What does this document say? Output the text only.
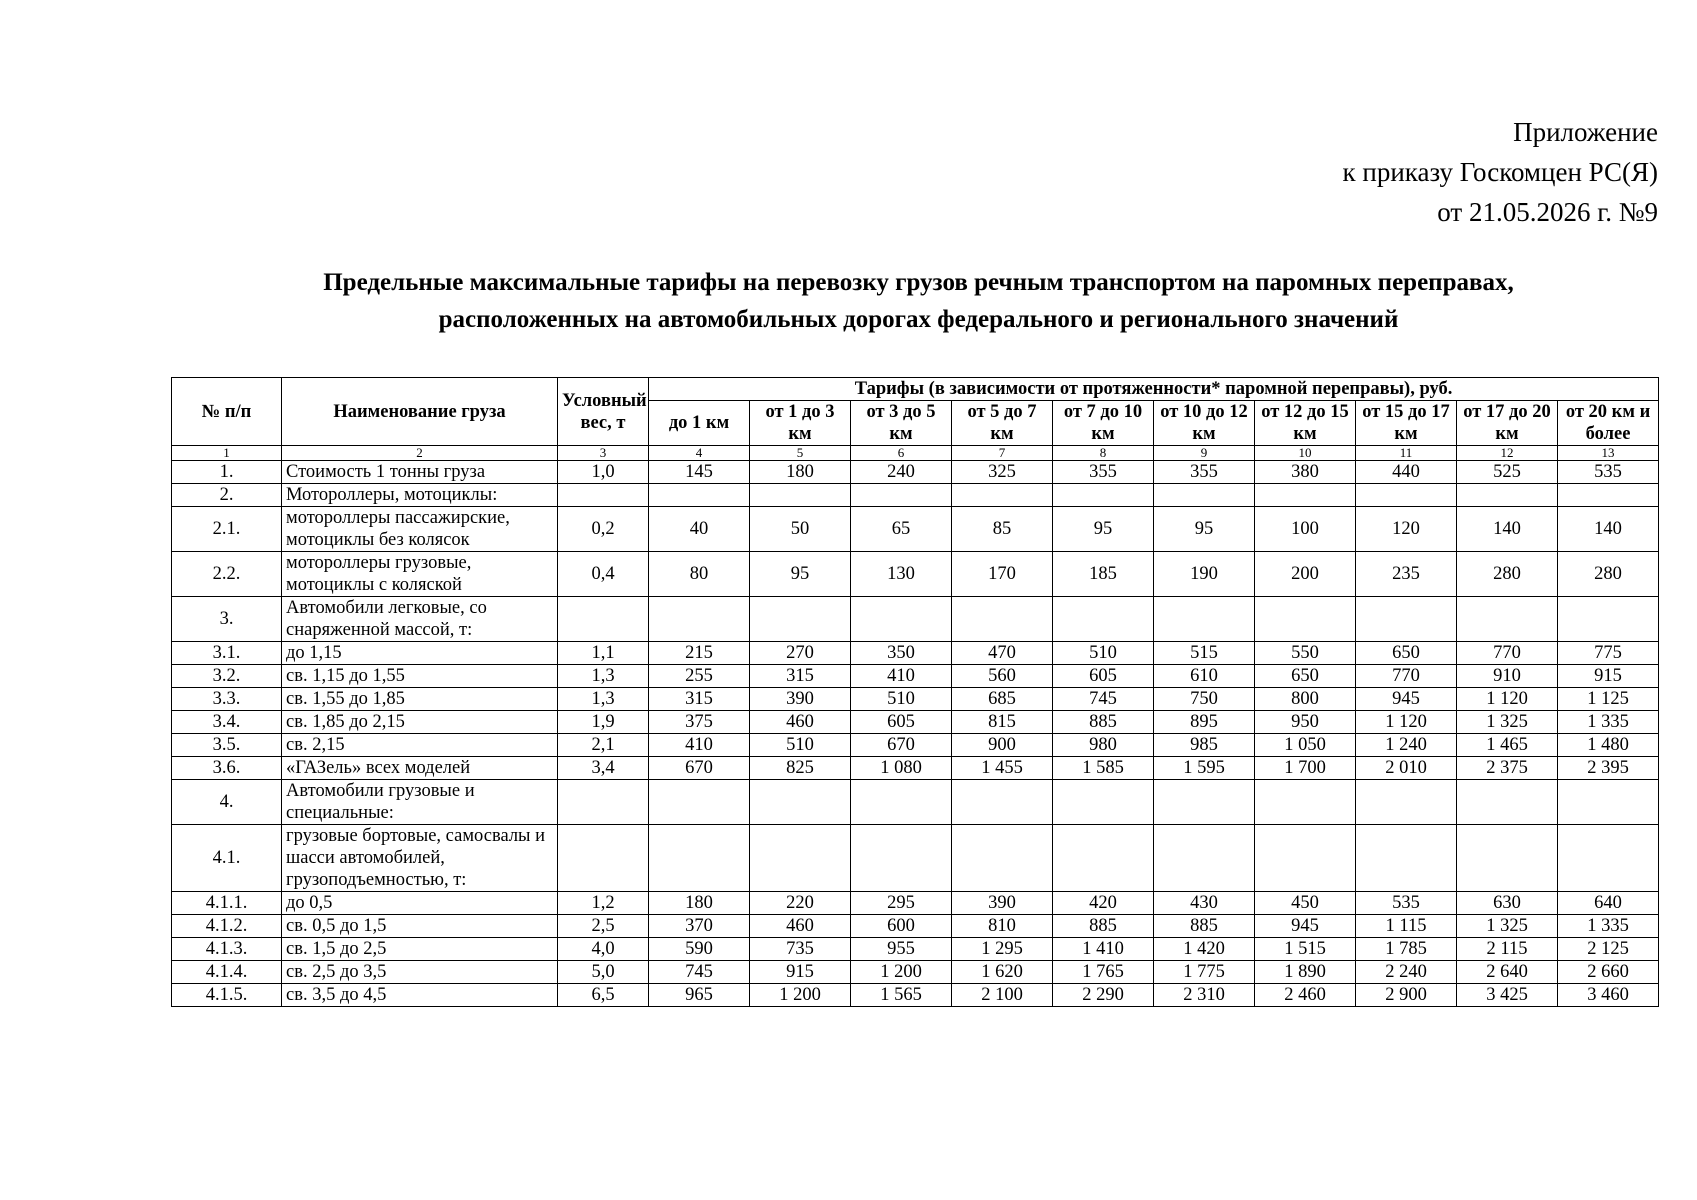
Приложение
к приказу Госкомцен РС(Я)
от 21.05.2026 г. №9
Предельные максимальные тарифы на перевозку грузов речным транспортом на паромных переправах,
расположенных на автомобильных дорогах федерального и регионального значений
№ п/п	Наименование груза	Условный вес, т	Тарифы (в зависимости от протяженности* паромной переправы), руб.									
			до 1 км	от 1 до 3 км	от 3 до 5 км	от 5 до 7 км	от 7 до 10 км	от 10 до 12 км	от 12 до 15 км	от 15 до 17 км	от 17 до 20 км	от 20 км и более
1	2	3	4	5	6	7	8	9	10	11	12	13
1.	Стоимость 1 тонны груза	1,0	145	180	240	325	355	355	380	440	525	535
2.	Мотороллеры, мотоциклы:											
2.1.	мотороллеры пассажирские, мотоциклы без колясок	0,2	40	50	65	85	95	95	100	120	140	140
2.2.	мотороллеры грузовые, мотоциклы с коляской	0,4	80	95	130	170	185	190	200	235	280	280
3.	Автомобили легковые, со снаряженной массой, т:											
3.1.	до 1,15	1,1	215	270	350	470	510	515	550	650	770	775
3.2.	св. 1,15 до 1,55	1,3	255	315	410	560	605	610	650	770	910	915
3.3.	св. 1,55 до 1,85	1,3	315	390	510	685	745	750	800	945	1 120	1 125
3.4.	св. 1,85 до 2,15	1,9	375	460	605	815	885	895	950	1 120	1 325	1 335
3.5.	св. 2,15	2,1	410	510	670	900	980	985	1 050	1 240	1 465	1 480
3.6.	«ГАЗель» всех моделей	3,4	670	825	1 080	1 455	1 585	1 595	1 700	2 010	2 375	2 395
4.	Автомобили грузовые и специальные:											
4.1.	грузовые бортовые, самосвалы и шасси автомобилей, грузоподъемностью, т:											
4.1.1.	до 0,5	1,2	180	220	295	390	420	430	450	535	630	640
4.1.2.	св. 0,5 до 1,5	2,5	370	460	600	810	885	885	945	1 115	1 325	1 335
4.1.3.	св. 1,5 до 2,5	4,0	590	735	955	1 295	1 410	1 420	1 515	1 785	2 115	2 125
4.1.4.	св. 2,5 до 3,5	5,0	745	915	1 200	1 620	1 765	1 775	1 890	2 240	2 640	2 660
4.1.5.	св. 3,5 до 4,5	6,5	965	1 200	1 565	2 100	2 290	2 310	2 460	2 900	3 425	3 460
